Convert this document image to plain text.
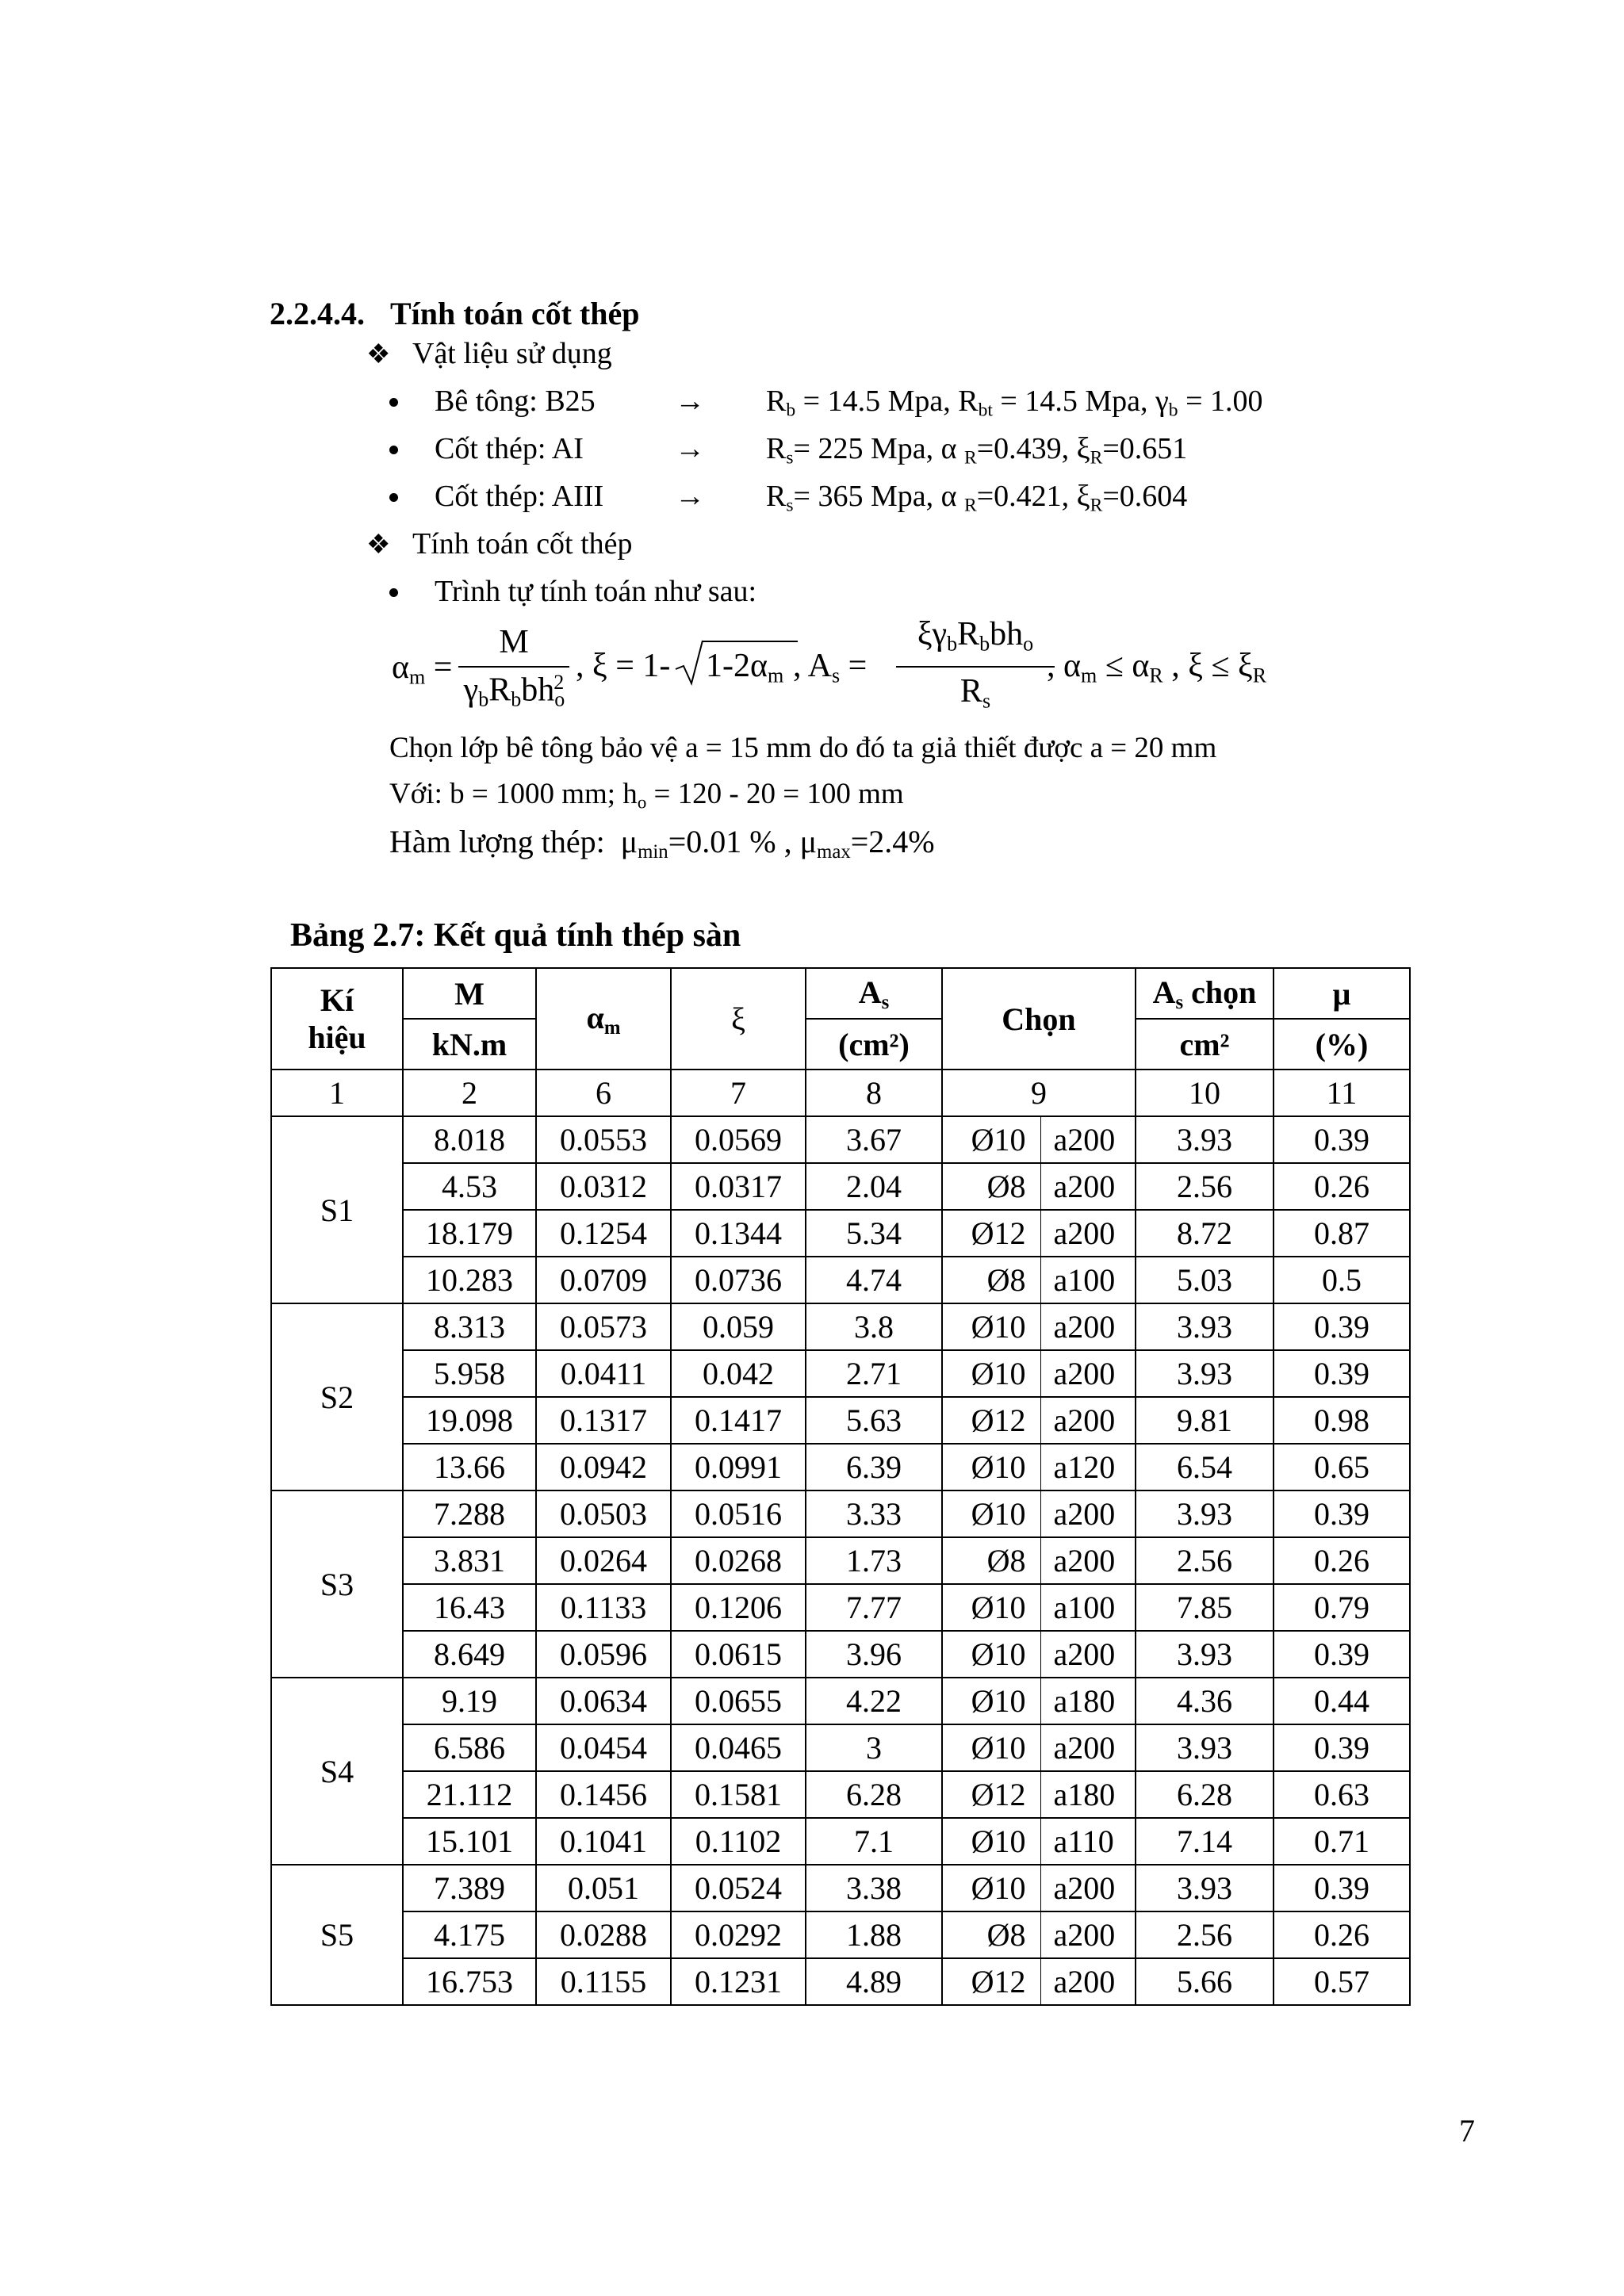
2.2.4.4. Tính toán cốt thép
❖ Vật liệu sử dụng
Bê tông: B25	→ $R_b = 14.5$ Mpa, $R_{bt} = 14.5$ Mpa, $\gamma_b = 1.00$
Cốt thép: AI	→ $R_s= 225$ Mpa, α $_R$=0.439, $\xi_R=0.651$
Cốt thép: AIII → $R_s= 365$ Mpa, α $_R$=0.421, $\xi_R=0.604$
❖ Tính toán cốt thép
Trình tự tính toán như sau:
$\alpha_m$ =
M
$\gamma_bR_bbh_o^2$ , ξ = 1- $1-2\alpha_m$ , $A_s$ =
$\xi\gamma_bR_bbh_o$
$R_s$
, $\alpha_m \le \alpha_R$ , $\xi \le \xi_R$
Chọn lớp bê tông bảo vệ a = 15 mm do đó ta giả thiết được a = 20 mm
Với: b = 1000 mm; $h_o = 120 - 20 = 100$ mm
Hàm lượng thép:  $\mu_{min}=0.01$ % , $\mu_{max}=2.4\%$
Bảng 2.7: Kết quả tính thép sàn
Kí
hiệu	M	$\alpha_m$	ξ	$A_s$	Chọn		$A_s$ chọn	μ
	kN.m			(cm²)			cm²	(%)
1	2	6	7	8	9		10	11
S1	8.018	0.0553	0.0569	3.67	Ø10	a200	3.93	0.39
	4.53	0.0312	0.0317	2.04	Ø8	a200	2.56	0.26
	18.179	0.1254	0.1344	5.34	Ø12	a200	8.72	0.87
	10.283	0.0709	0.0736	4.74	Ø8	a100	5.03	0.5
S2	8.313	0.0573	0.059	3.8	Ø10	a200	3.93	0.39
	5.958	0.0411	0.042	2.71	Ø10	a200	3.93	0.39
	19.098	0.1317	0.1417	5.63	Ø12	a200	9.81	0.98
	13.66	0.0942	0.0991	6.39	Ø10	a120	6.54	0.65
S3	7.288	0.0503	0.0516	3.33	Ø10	a200	3.93	0.39
	3.831	0.0264	0.0268	1.73	Ø8	a200	2.56	0.26
	16.43	0.1133	0.1206	7.77	Ø10	a100	7.85	0.79
	8.649	0.0596	0.0615	3.96	Ø10	a200	3.93	0.39
S4	9.19	0.0634	0.0655	4.22	Ø10	a180	4.36	0.44
	6.586	0.0454	0.0465	3	Ø10	a200	3.93	0.39
	21.112	0.1456	0.1581	6.28	Ø12	a180	6.28	0.63
	15.101	0.1041	0.1102	7.1	Ø10	a110	7.14	0.71
S5	7.389	0.051	0.0524	3.38	Ø10	a200	3.93	0.39
	4.175	0.0288	0.0292	1.88	Ø8	a200	2.56	0.26
	16.753	0.1155	0.1231	4.89	Ø12	a200	5.66	0.57
7
